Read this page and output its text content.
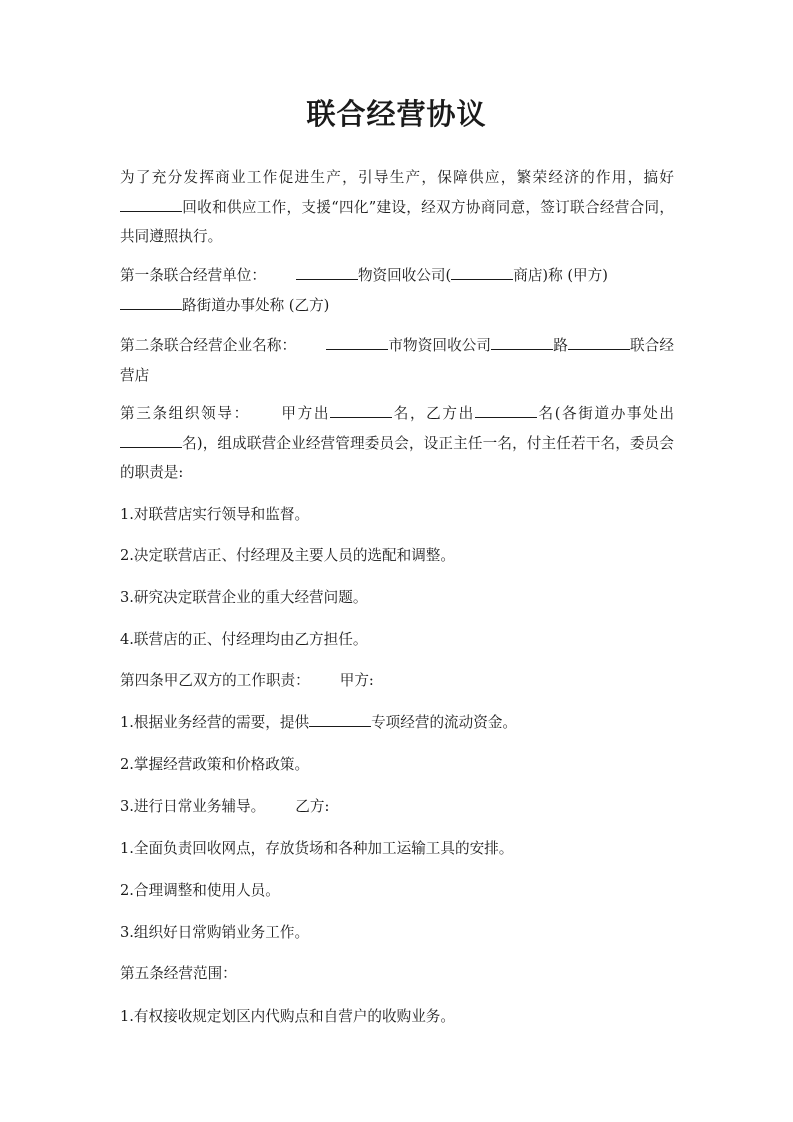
联合经营协议

为了充分发挥商业工作促进生产，引导生产，保障供应，繁荣经济的作用，搞好回收和供应工作，支援“四化”建设，经双方协商同意，签订联合经营合同，共同遵照执行。

第一条联合经营单位：	物资回收公司(	商店)称 (甲方)
路街道办事处称 (乙方)

第二条联合经营企业名称：	市物资回收公司	路	联合经营店

第三条组织领导： 甲方出	名，乙方出	名(各街道办事处出名)，组成联营企业经营管理委员会，设正主任一名，付主任若干名，委员会的职责是:

1.对联营店实行领导和监督。

2.决定联营店正、付经理及主要人员的选配和调整。

3.研究决定联营企业的重大经营问题。

4.联营店的正、付经理均由乙方担任。

第四条甲乙双方的工作职责： 甲方:

1.根据业务经营的需要，提供	专项经营的流动资金。

2.掌握经营政策和价格政策。

3.进行日常业务辅导。 乙方:

1.全面负责回收网点，存放货场和各种加工运输工具的安排。

2.合理调整和使用人员。

3.组织好日常购销业务工作。

第五条经营范围：

1.有权接收规定划区内代购点和自营户的收购业务。
